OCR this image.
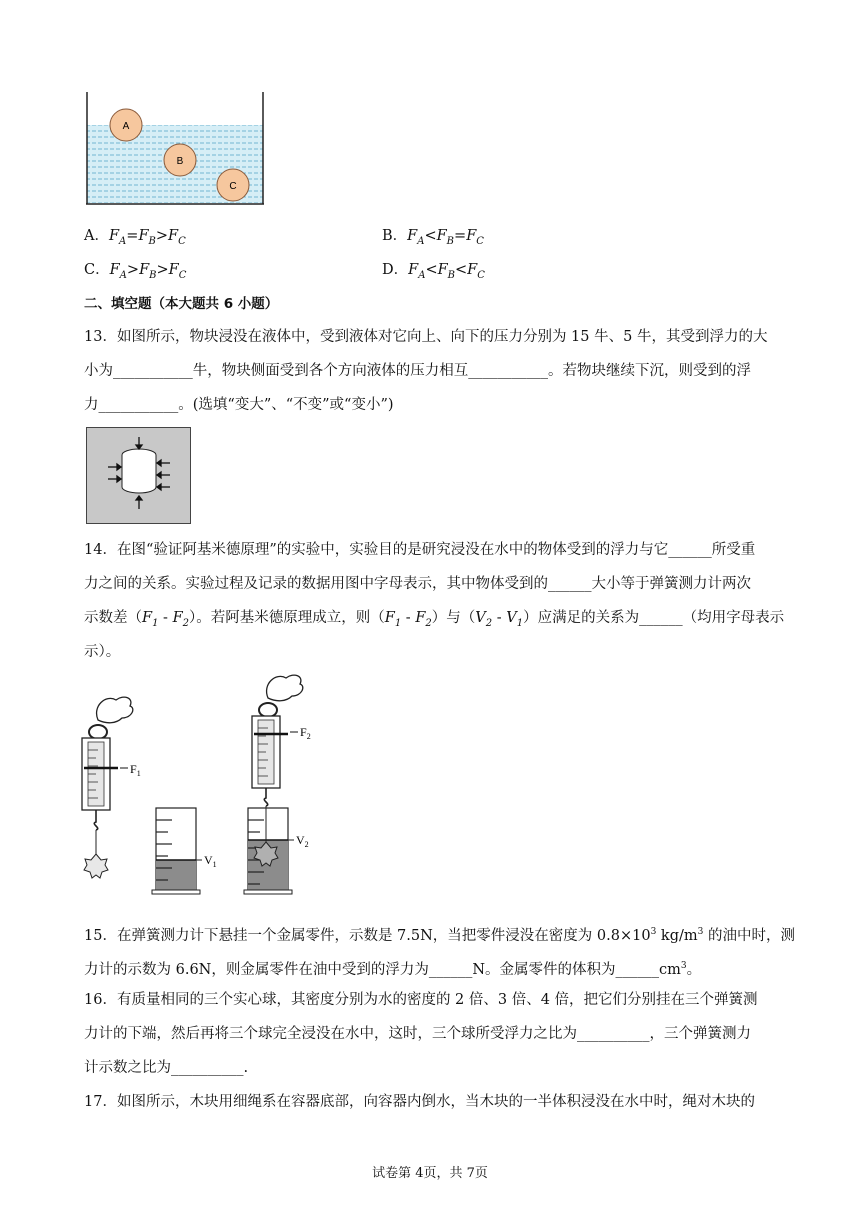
A
B
C
A．$F_A=F_B>F_C$	B．$F_A<F_B=F_C$
C．$F_A>F_B>F_C$	D．$F_A<F_B<F_C$
二、填空题（本大题共 6 小题）
13．如图所示，物块浸没在液体中，受到液体对它向上、向下的压力分别为 15 牛、5 牛，其受到浮力的大
小为___________牛，物块侧面受到各个方向液体的压力相互___________。若物块继续下沉，则受到的浮
力___________。(选填“变大”、“不变”或“变小”)
14．在图“验证阿基米德原理”的实验中，实验目的是研究浸没在水中的物体受到的浮力与它______所受重
力之间的关系。实验过程及记录的数据用图中字母表示，其中物体受到的______大小等于弹簧测力计两次
示数差$(F_1 - F_2)$。若阿基米德原理成立，则$(F_1 - F_2)$与$(V_2 - V_1)$应满足的关系为______（均用字母表示
示）。
$F_1$
$V_1$
$F_2$
$V_2$
15．在弹簧测力计下悬挂一个金属零件，示数是 7.5N，当把零件浸没在密度为 $0.8\times 10^3$ $kg/m^3$ 的油中时，测
力计的示数为 6.6N，则金属零件在油中受到的浮力为______N。金属零件的体积为$\_\_\_\_\_\_cm^3$。
16．有质量相同的三个实心球，其密度分别为水的密度的 2 倍、3 倍、4 倍，把它们分别挂在三个弹簧测
力计的下端，然后再将三个球完全浸没在水中，这时，三个球所受浮力之比为__________，三个弹簧测力
计示数之比为__________.
17．如图所示，木块用细绳系在容器底部，向容器内倒水，当木块的一半体积浸没在水中时，绳对木块的
试卷第 4页，共 7页
